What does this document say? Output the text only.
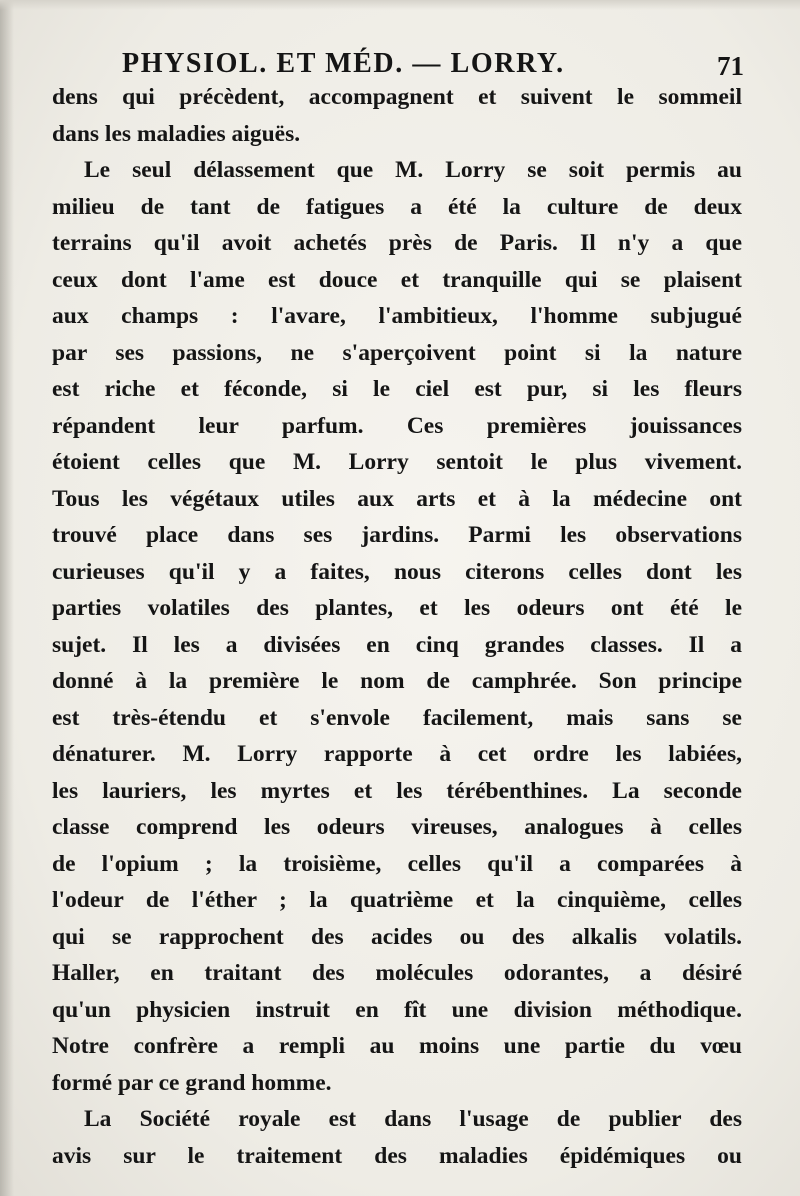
PHYSIOL. ET MÉD. — LORRY.	71
dens qui précèdent, accompagnent et suivent le sommeil
dans les maladies aiguës.
Le seul délassement que M. Lorry se soit permis au
milieu de tant de fatigues a été la culture de deux
terrains qu'il avoit achetés près de Paris. Il n'y a que
ceux dont l'ame est douce et tranquille qui se plaisent
aux champs : l'avare, l'ambitieux, l'homme subjugué
par ses passions, ne s'aperçoivent point si la nature
est riche et féconde, si le ciel est pur, si les fleurs
répandent leur parfum. Ces premières jouissances
étoient celles que M. Lorry sentoit le plus vivement.
Tous les végétaux utiles aux arts et à la médecine ont
trouvé place dans ses jardins. Parmi les observations
curieuses qu'il y a faites, nous citerons celles dont les
parties volatiles des plantes, et les odeurs ont été le
sujet. Il les a divisées en cinq grandes classes. Il a
donné à la première le nom de camphrée. Son principe
est très-étendu et s'envole facilement, mais sans se
dénaturer. M. Lorry rapporte à cet ordre les labiées,
les lauriers, les myrtes et les térébenthines. La seconde
classe comprend les odeurs vireuses, analogues à celles
de l'opium ; la troisième, celles qu'il a comparées à
l'odeur de l'éther ; la quatrième et la cinquième, celles
qui se rapprochent des acides ou des alkalis volatils.
Haller, en traitant des molécules odorantes, a désiré
qu'un physicien instruit en fît une division méthodique.
Notre confrère a rempli au moins une partie du vœu
formé par ce grand homme.
La Société royale est dans l'usage de publier des
avis sur le traitement des maladies épidémiques ou
